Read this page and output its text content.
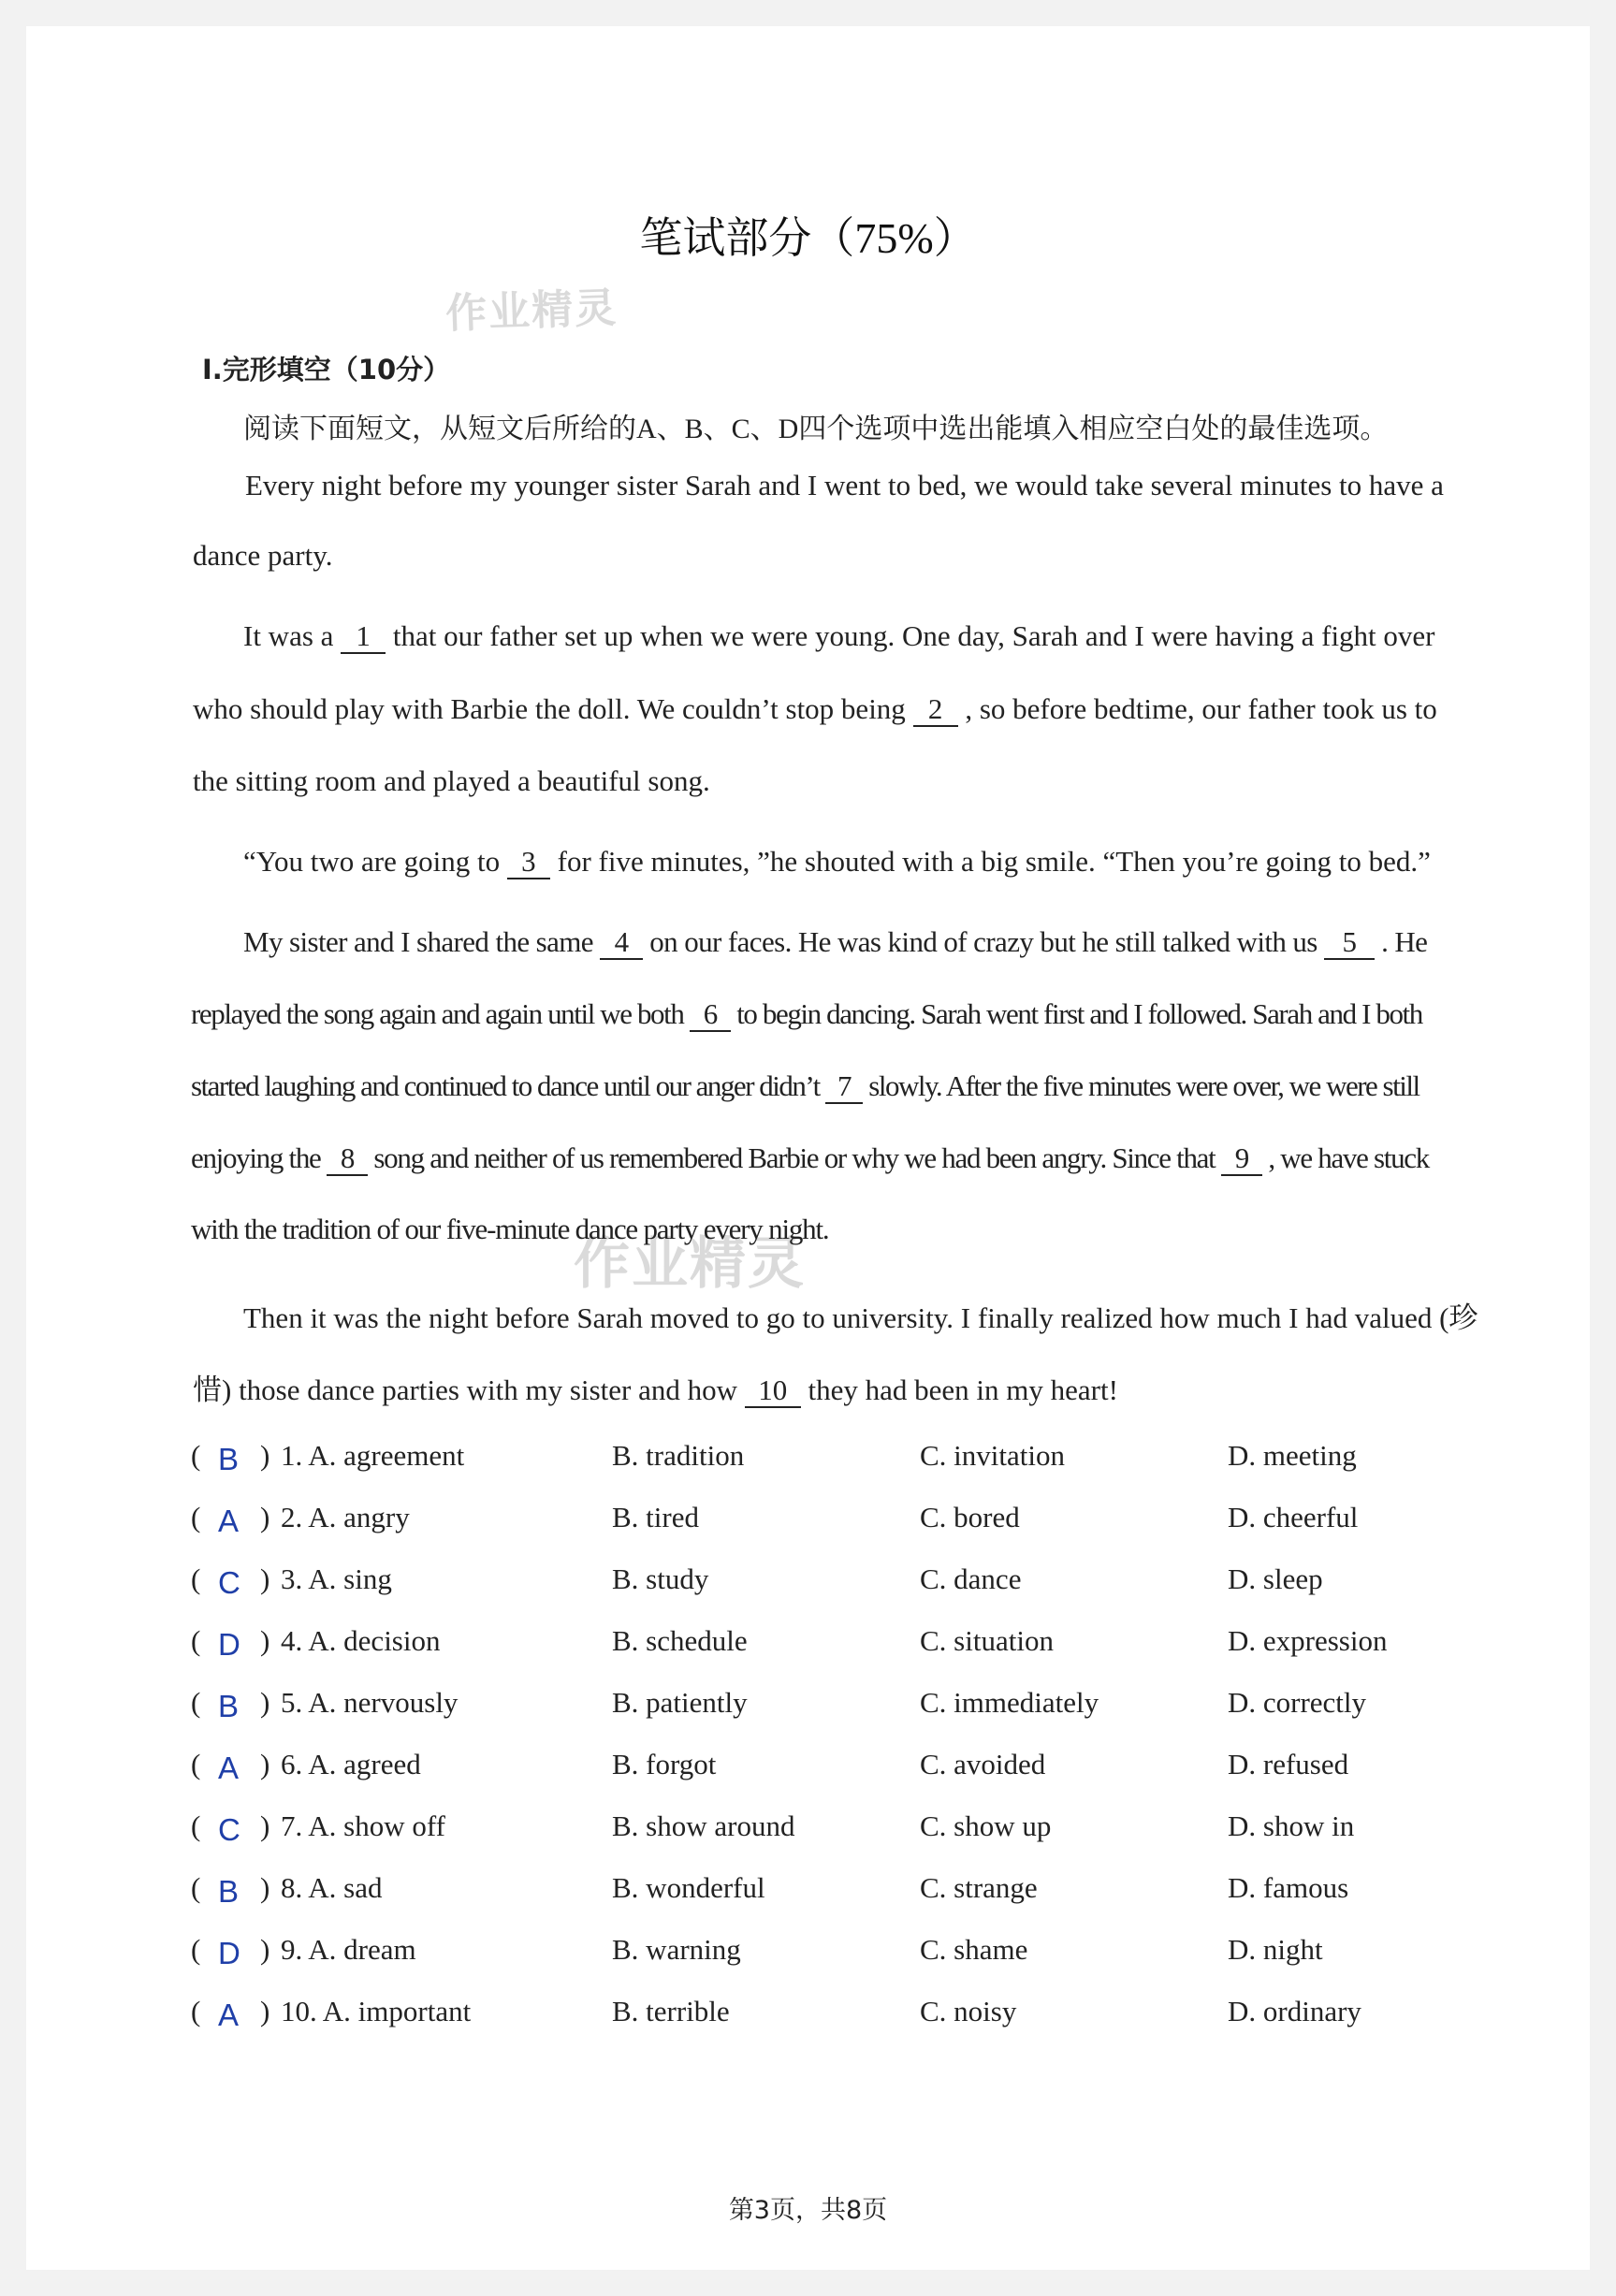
笔试部分（75%）
作业精灵
作业精灵
Ⅰ.完形填空（10分）
阅读下面短文，从短文后所给的A、B、C、D四个选项中选出能填入相应空白处的最佳选项。
Every night before my younger sister Sarah and I went to bed, we would take several minutes to have a
dance party.
It was a 1 that our father set up when we were young. One day, Sarah and I were having a fight over
who should play with Barbie the doll. We couldn’t stop being 2 , so before bedtime, our father took us to
the sitting room and played a beautiful song.
“You two are going to 3 for five minutes, ”he shouted with a big smile. “Then you’re going to bed.”
My sister and I shared the same 4 on our faces. He was kind of crazy but he still talked with us 5 . He
replayed the song again and again until we both 6 to begin dancing. Sarah went first and I followed. Sarah and I both
started laughing and continued to dance until our anger didn’t 7 slowly. After the five minutes were over, we were still
enjoying the 8 song and neither of us remembered Barbie or why we had been angry. Since that 9 , we have stuck
with the tradition of our five-minute dance party every night.
Then it was the night before Sarah moved to go to university. I finally realized how much I had valued (珍
惜) those dance parties with my sister and how 10 they had been in my heart!
( B ) 1. A. agreement	B. tradition	C. invitation	D. meeting
( A ) 2. A. angry	B. tired	C. bored	D. cheerful
( C ) 3. A. sing	B. study	C. dance	D. sleep
( D ) 4. A. decision	B. schedule	C. situation	D. expression
( B ) 5. A. nervously	B. patiently	C. immediately	D. correctly
( A ) 6. A. agreed	B. forgot	C. avoided	D. refused
( C ) 7. A. show off	B. show around	C. show up	D. show in
( B ) 8. A. sad	B. wonderful	C. strange	D. famous
( D ) 9. A. dream	B. warning	C. shame	D. night
( A ) 10. A. important	B. terrible	C. noisy	D. ordinary
第3页，共8页
